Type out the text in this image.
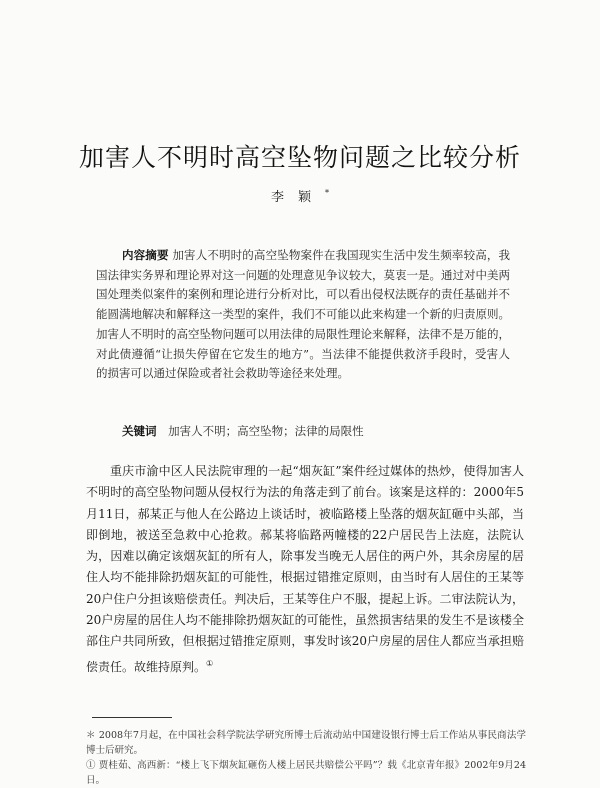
加害人不明时高空坠物问题之比较分析
李颖*
内容摘要 加害人不明时的高空坠物案件在我国现实生活中发生频率较高，我国法律实务界和理论界对这一问题的处理意见争议较大，莫衷一是。通过对中美两国处理类似案件的案例和理论进行分析对比，可以看出侵权法既存的责任基础并不能圆满地解决和解释这一类型的案件，我们不可能以此来构建一个新的归责原则。加害人不明时的高空坠物问题可以用法律的局限性理论来解释，法律不是万能的，对此债遵循“让损失停留在它发生的地方”。当法律不能提供救济手段时，受害人的损害可以通过保险或者社会救助等途径来处理。
关键词 加害人不明；高空坠物；法律的局限性
重庆市渝中区人民法院审理的一起“烟灰缸”案件经过媒体的热炒，使得加害人不明时的高空坠物问题从侵权行为法的角落走到了前台。该案是这样的：2000年5月11日，郝某正与他人在公路边上谈话时，被临路楼上坠落的烟灰缸砸中头部，当即倒地，被送至急救中心抢救。郝某将临路两幢楼的22户居民告上法庭，法院认为，因难以确定该烟灰缸的所有人，除事发当晚无人居住的两户外，其余房屋的居住人均不能排除扔烟灰缸的可能性，根据过错推定原则，由当时有人居住的王某等20户住户分担该赔偿责任。判决后，王某等住户不服，提起上诉。二审法院认为，20户房屋的居住人均不能排除扔烟灰缸的可能性，虽然损害结果的发生不是该楼全部住户共同所致，但根据过错推定原则，事发时该20户房屋的居住人都应当承担赔偿责任。故维持原判。①
＊ 2008年7月起，在中国社会科学院法学研究所博士后流动站中国建设银行博士后工作站从事民商法学博士后研究。
① 贾桂茹、高西新：“楼上飞下烟灰缸砸伤人楼上居民共赔偿公平吗”？载《北京青年报》2002年9月24日。
